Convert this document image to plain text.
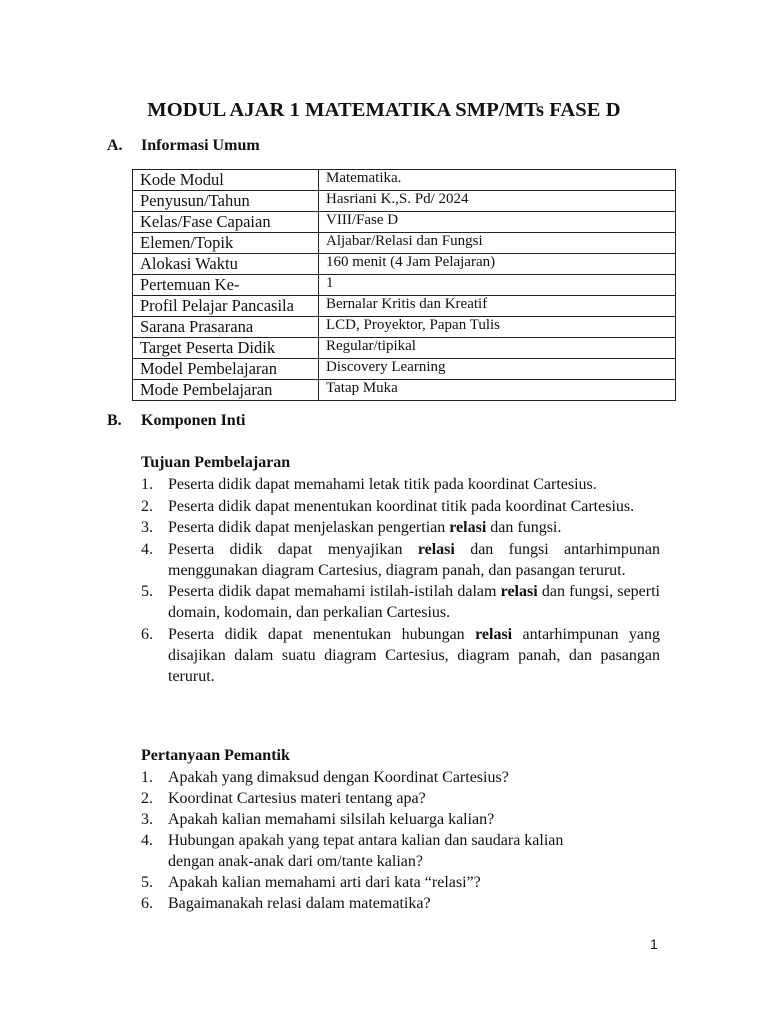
MODUL AJAR 1 MATEMATIKA SMP/MTs FASE D
A. Informasi Umum
Kode Modul	Matematika.
Penyusun/Tahun	Hasriani K.,S. Pd/ 2024
Kelas/Fase Capaian	VIII/Fase D
Elemen/Topik	Aljabar/Relasi dan Fungsi
Alokasi Waktu	160 menit (4 Jam Pelajaran)
Pertemuan Ke-	1
Profil Pelajar Pancasila	Bernalar Kritis dan Kreatif
Sarana Prasarana	LCD, Proyektor, Papan Tulis
Target Peserta Didik	Regular/tipikal
Model Pembelajaran	Discovery Learning
Mode Pembelajaran	Tatap Muka
B. Komponen Inti
Tujuan Pembelajaran
1. Peserta didik dapat memahami letak titik pada koordinat Cartesius.
2. Peserta didik dapat menentukan koordinat titik pada koordinat Cartesius.
3. Peserta didik dapat menjelaskan pengertian relasi dan fungsi.
4. Peserta didik dapat menyajikan relasi dan fungsi antarhimpunan menggunakan diagram Cartesius, diagram panah, dan pasangan terurut.
5. Peserta didik dapat memahami istilah-istilah dalam relasi dan fungsi, seperti domain, kodomain, dan perkalian Cartesius.
6. Peserta didik dapat menentukan hubungan relasi antarhimpunan yang disajikan dalam suatu diagram Cartesius, diagram panah, dan pasangan terurut.
Pertanyaan Pemantik
1. Apakah yang dimaksud dengan Koordinat Cartesius?
2. Koordinat Cartesius materi tentang apa?
3. Apakah kalian memahami silsilah keluarga kalian?
4. Hubungan apakah yang tepat antara kalian dan saudara kalian dengan anak-anak dari om/tante kalian?
5. Apakah kalian memahami arti dari kata “relasi”?
6. Bagaimanakah relasi dalam matematika?
1
